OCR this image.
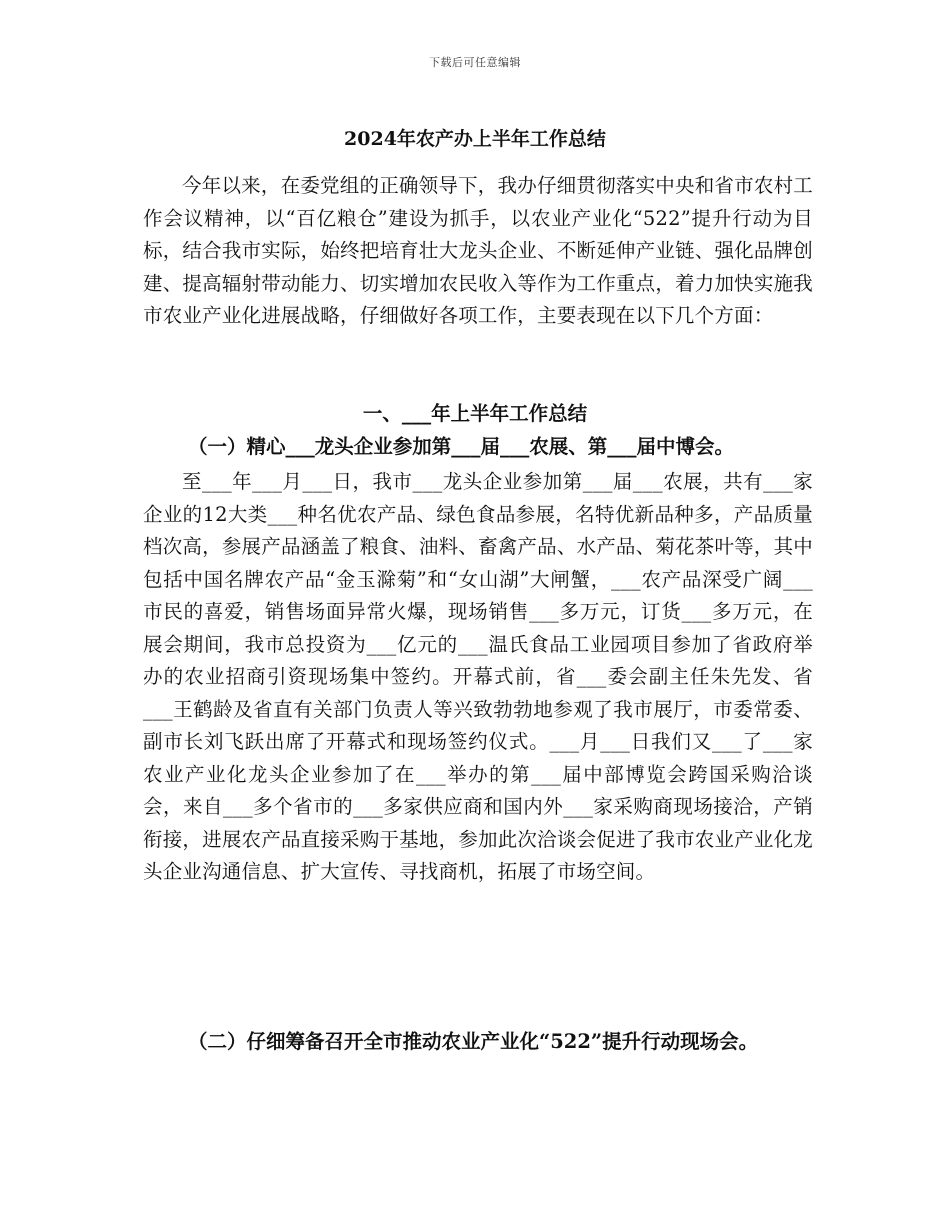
下载后可任意编辑
2024年农产办上半年工作总结

今年以来，在委党组的正确领导下，我办仔细贯彻落实中央和省市农村工作会议精神，以“百亿粮仓”建设为抓手，以农业产业化“522”提升行动为目标，结合我市实际，始终把培育壮大龙头企业、不断延伸产业链、强化品牌创建、提高辐射带动能力、切实增加农民收入等作为工作重点，着力加快实施我市农业产业化进展战略，仔细做好各项工作，主要表现在以下几个方面：

一、___年上半年工作总结
（一）精心___龙头企业参加第___届___农展、第___届中博会。

至___年___月___日，我市___龙头企业参加第___届___农展，共有___家企业的12大类___种名优农产品、绿色食品参展，名特优新品种多，产品质量档次高，参展产品涵盖了粮食、油料、畜禽产品、水产品、菊花茶叶等，其中包括中国名牌农产品“金玉滁菊”和“女山湖”大闸蟹，___农产品深受广阔___市民的喜爱，销售场面异常火爆，现场销售___多万元，订货___多万元，在展会期间，我市总投资为___亿元的___温氏食品工业园项目参加了省政府举办的农业招商引资现场集中签约。开幕式前，省___委会副主任朱先发、省___王鹤龄及省直有关部门负责人等兴致勃勃地参观了我市展厅，市委常委、副市长刘飞跃出席了开幕式和现场签约仪式。___月___日我们又___了___家农业产业化龙头企业参加了在___举办的第___届中部博览会跨国采购洽谈会，来自___多个省市的___多家供应商和国内外___家采购商现场接洽，产销衔接，进展农产品直接采购于基地，参加此次洽谈会促进了我市农业产业化龙头企业沟通信息、扩大宣传、寻找商机，拓展了市场空间。

（二）仔细筹备召开全市推动农业产业化“522”提升行动现场会。
